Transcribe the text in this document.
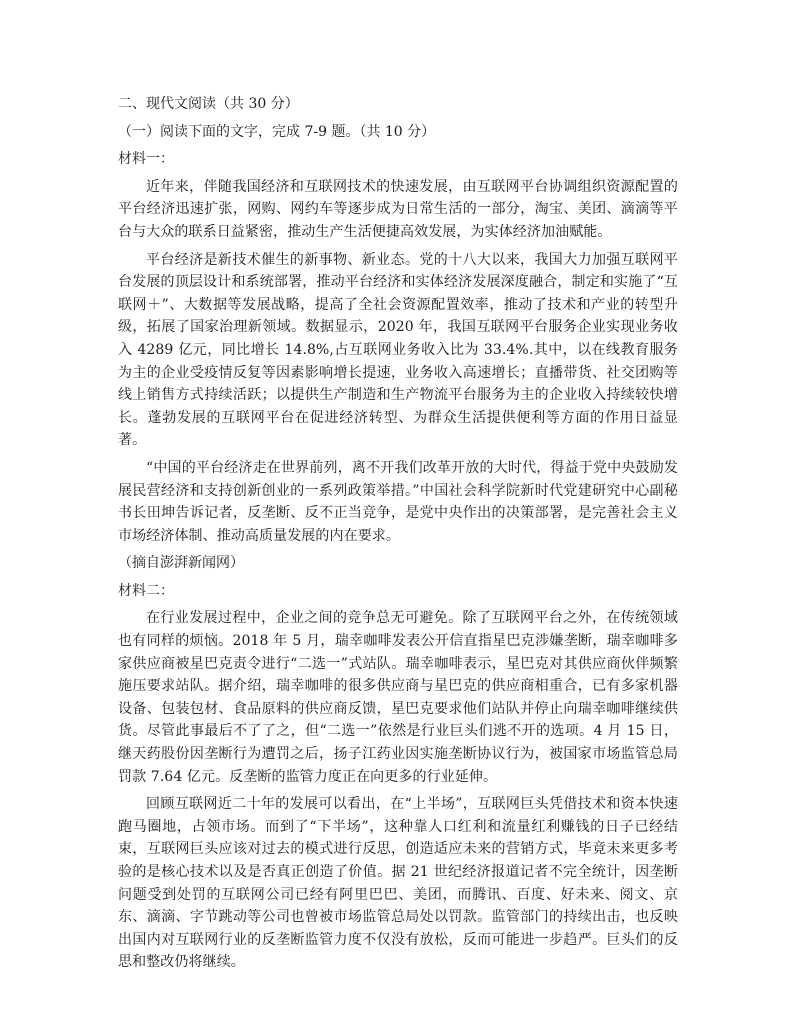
二、现代文阅读（共 30 分）
（一）阅读下面的文字，完成 7-9 题。（共 10 分）
材料一：

近年来，伴随我国经济和互联网技术的快速发展，由互联网平台协调组织资源配置的平台经济迅速扩张，网购、网约车等逐步成为日常生活的一部分，淘宝、美团、滴滴等平台与大众的联系日益紧密，推动生产生活便捷高效发展，为实体经济加油赋能。

平台经济是新技术催生的新事物、新业态。党的十八大以来，我国大力加强互联网平台发展的顶层设计和系统部署，推动平台经济和实体经济发展深度融合，制定和实施了“互联网＋”、大数据等发展战略，提高了全社会资源配置效率，推动了技术和产业的转型升级，拓展了国家治理新领域。数据显示，2020 年，我国互联网平台服务企业实现业务收入 4289 亿元，同比增长 14.8%,占互联网业务收入比为 33.4%.其中，以在线教育服务为主的企业受疫情反复等因素影响增长提速，业务收入高速增长；直播带货、社交团购等线上销售方式持续活跃；以提供生产制造和生产物流平台服务为主的企业收入持续较快增长。蓬勃发展的互联网平台在促进经济转型、为群众生活提供便利等方面的作用日益显著。

“中国的平台经济走在世界前列，离不开我们改革开放的大时代，得益于党中央鼓励发展民营经济和支持创新创业的一系列政策举措。”中国社会科学院新时代党建研究中心副秘书长田坤告诉记者，反垄断、反不正当竞争，是党中央作出的决策部署，是完善社会主义市场经济体制、推动高质量发展的内在要求。

（摘自澎湃新闻网）
材料二：

在行业发展过程中，企业之间的竞争总无可避免。除了互联网平台之外，在传统领域也有同样的烦恼。2018 年 5 月，瑞幸咖啡发表公开信直指星巴克涉嫌垄断，瑞幸咖啡多家供应商被星巴克责令进行“二选一”式站队。瑞幸咖啡表示，星巴克对其供应商伙伴频繁施压要求站队。据介绍，瑞幸咖啡的很多供应商与星巴克的供应商相重合，已有多家机器设备、包装包材、食品原料的供应商反馈，星巴克要求他们站队并停止向瑞幸咖啡继续供货。尽管此事最后不了了之，但“二选一”依然是行业巨头们逃不开的选项。4 月 15 日，继天药股份因垄断行为遭罚之后，扬子江药业因实施垄断协议行为，被国家市场监管总局罚款 7.64 亿元。反垄断的监管力度正在向更多的行业延伸。

回顾互联网近二十年的发展可以看出，在“上半场”，互联网巨头凭借技术和资本快速跑马圈地，占领市场。而到了“下半场”，这种靠人口红利和流量红利赚钱的日子已经结束，互联网巨头应该对过去的模式进行反思，创造适应未来的营销方式，毕竟未来更多考验的是核心技术以及是否真正创造了价值。据 21 世纪经济报道记者不完全统计，因垄断问题受到处罚的互联网公司已经有阿里巴巴、美团，而腾讯、百度、好未来、阅文、京东、滴滴、字节跳动等公司也曾被市场监管总局处以罚款。监管部门的持续出击，也反映出国内对互联网行业的反垄断监管力度不仅没有放松，反而可能进一步趋严。巨头们的反思和整改仍将继续。
